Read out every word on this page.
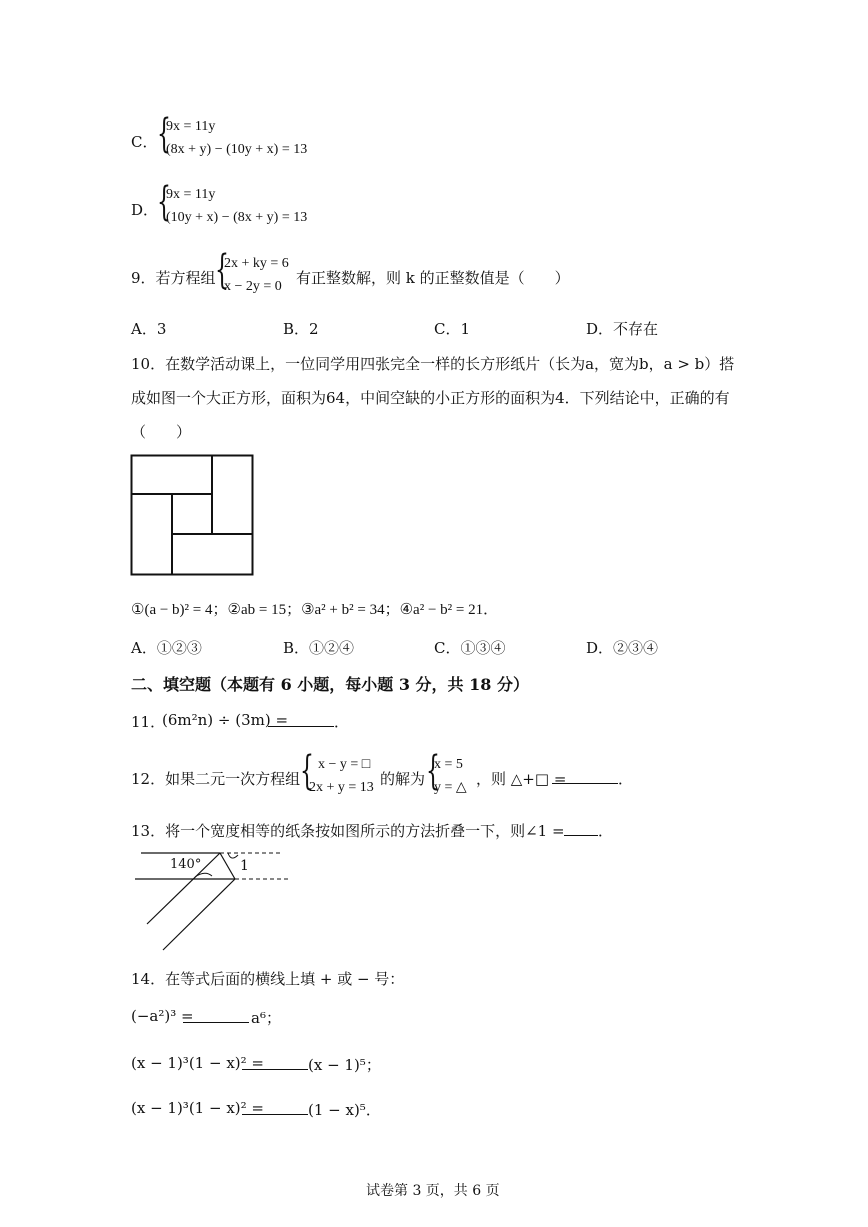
C． {
9x = 11y
(8x + y) − (10y + x) = 13
D．
{
9x = 11y
(10y + x) − (8x + y) = 13
9．若方程组 {
2x + ky = 6
x − 2y = 0 有正整数解，则 k 的正整数值是（　　）
A．3	B．2	C．1	D．不存在
10．在数学活动课上，一位同学用四张完全一样的长方形纸片（长为a，宽为b，a > b）搭
成如图一个大正方形，面积为64，中间空缺的小正方形的面积为4．下列结论中，正确的有
（　　）
①(a − b)² = 4；②ab = 15；③a² + b² = 34；④a² − b² = 21．
A．①②③	B．①②④	C．①③④	D．②③④
二、填空题（本题有 6 小题，每小题 3 分，共 18 分）
11．
(6m²n) ÷ (3m) =	．
12．如果二元一次方程组 { x − y = □
2x + y = 13 的解为 {
x = 5
y = △ ，则 △+□ =	．
13．将一个宽度相等的纸条按如图所示的方法折叠一下，则∠1 = ．
140°	1
14．在等式后面的横线上填 + 或 − 号：
(−a²)³ =	a⁶；
(x − 1)³(1 − x)² =	(x − 1)⁵；
(x − 1)³(1 − x)² =	(1 − x)⁵．
试卷第 3 页，共 6 页
